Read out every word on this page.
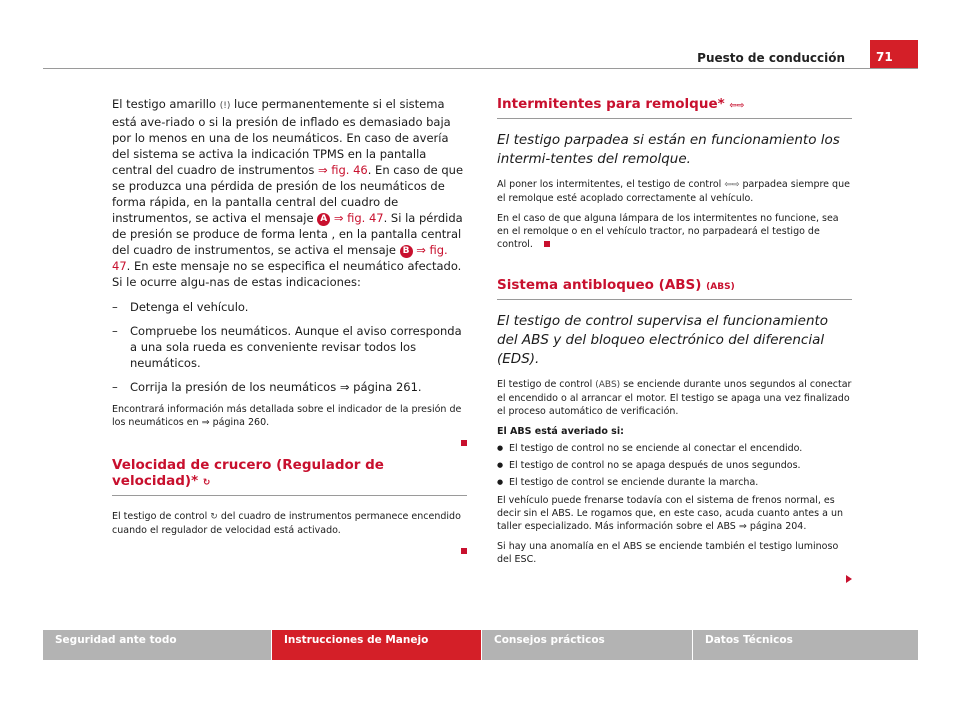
Puesto de conducción	71

El testigo amarillo (!) luce permanentemente si el sistema está ave-riado o si la presión de inflado es demasiado baja por lo menos en una de los neumáticos. En caso de avería del sistema se activa la indicación TPMS en la pantalla central del cuadro de instrumentos ⇒ fig. 46. En caso de que se produzca una pérdida de presión de los neumáticos de forma rápida, en la pantalla central del cuadro de instrumentos, se activa el mensaje A ⇒ fig. 47. Si la pérdida de presión se produce de forma lenta , en la pantalla central del cuadro de instrumentos, se activa el mensaje B ⇒ fig. 47. En este mensaje no se especifica el neumático afectado. Si le ocurre algu-nas de estas indicaciones:

– Detenga el vehículo.
– Compruebe los neumáticos. Aunque el aviso corresponda a una sola rueda es conveniente revisar todos los neumáticos.
– Corrija la presión de los neumáticos ⇒ página 261.

Encontrará información más detallada sobre el indicador de la presión de los neumáticos en ⇒ página 260.

Velocidad de crucero (Regulador de velocidad)* ↻

El testigo de control ↻ del cuadro de instrumentos permanece encendido cuando el regulador de velocidad está activado.

Intermitentes para remolque* ⇦⇨

El testigo parpadea si están en funcionamiento los intermi-tentes del remolque.

Al poner los intermitentes, el testigo de control ⇦⇨ parpadea siempre que el remolque esté acoplado correctamente al vehículo.

En el caso de que alguna lámpara de los intermitentes no funcione, sea en el remolque o en el vehículo tractor, no parpadeará el testigo de control.

Sistema antibloqueo (ABS) (ABS)

El testigo de control supervisa el funcionamiento del ABS y del bloqueo electrónico del diferencial (EDS).

El testigo de control (ABS) se enciende durante unos segundos al conectar el encendido o al arrancar el motor. El testigo se apaga una vez finalizado el proceso automático de verificación.

El ABS está averiado si:

● El testigo de control no se enciende al conectar el encendido.
● El testigo de control no se apaga después de unos segundos.
● El testigo de control se enciende durante la marcha.

El vehículo puede frenarse todavía con el sistema de frenos normal, es decir sin el ABS. Le rogamos que, en este caso, acuda cuanto antes a un taller especializado. Más información sobre el ABS ⇒ página 204.

Si hay una anomalía en el ABS se enciende también el testigo luminoso del ESC.

Seguridad ante todo	Instrucciones de Manejo	Consejos prácticos	Datos Técnicos
